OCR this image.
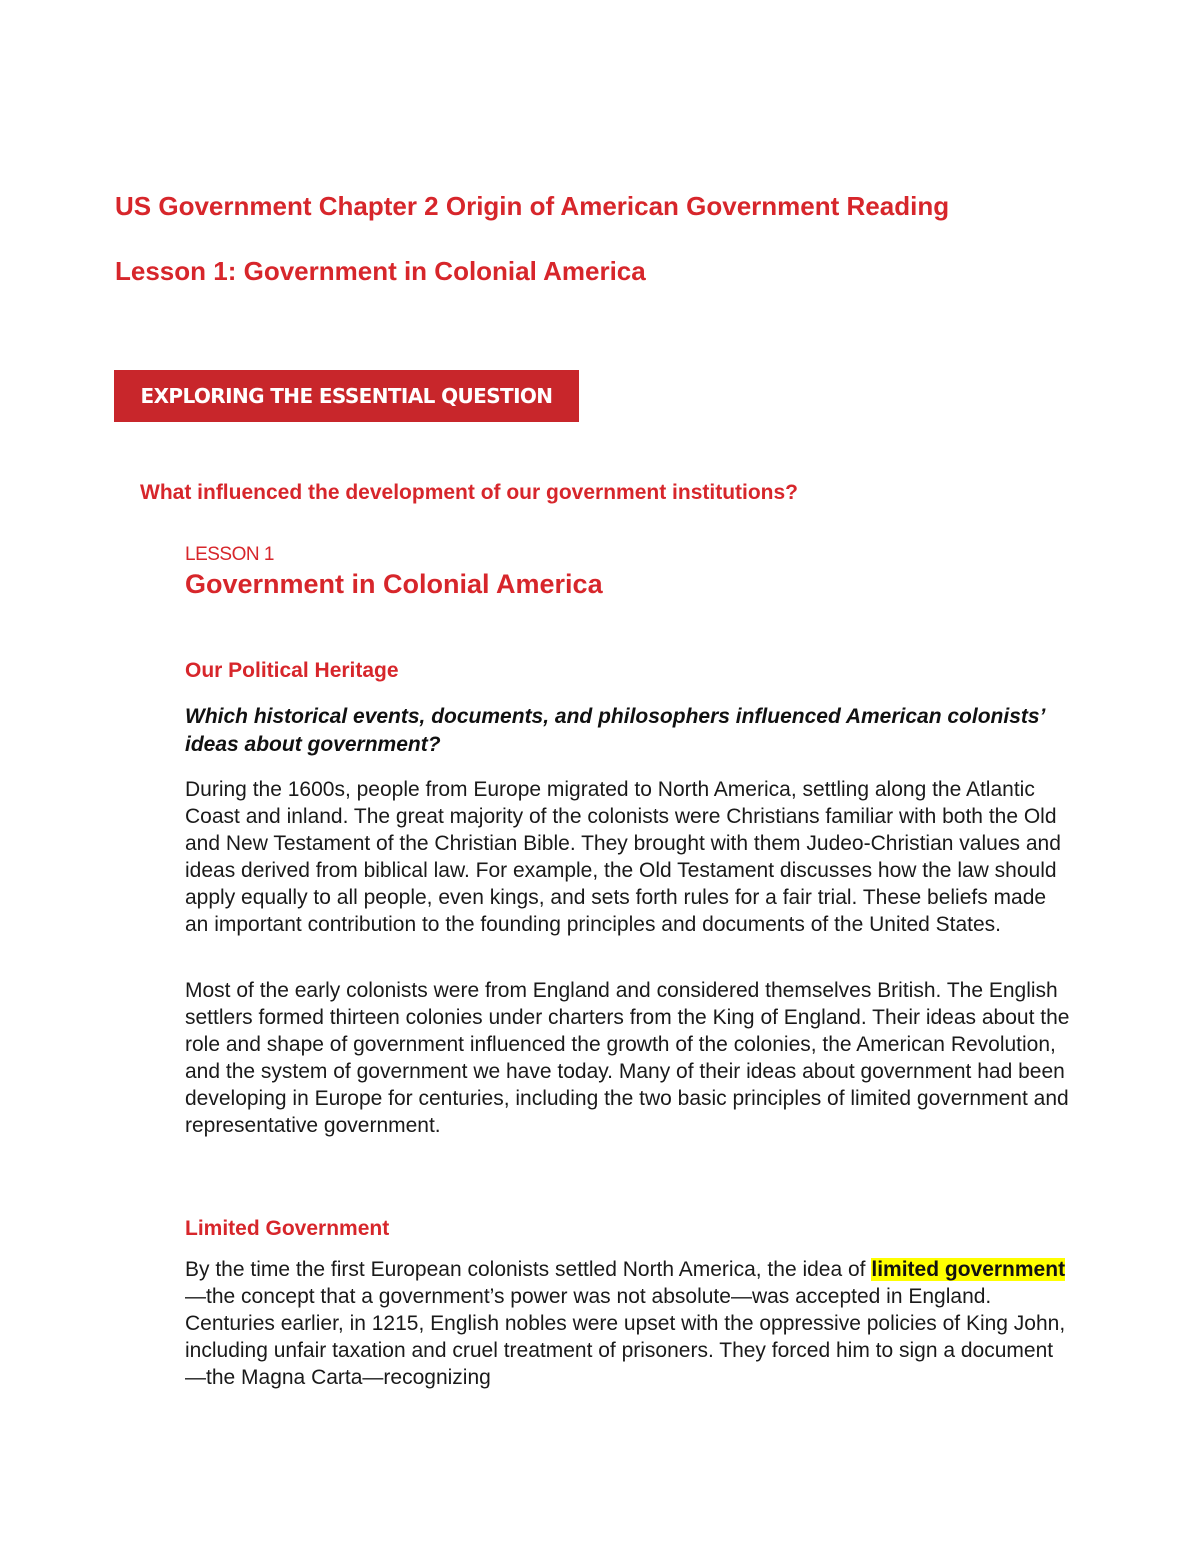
US Government Chapter 2 Origin of American Government Reading
Lesson 1: Government in Colonial America
EXPLORING THE ESSENTIAL QUESTION

What influenced the development of our government institutions?

LESSON 1
Government in Colonial America
Our Political Heritage

Which historical events, documents, and philosophers influenced American colonists’ ideas about government?

During the 1600s, people from Europe migrated to North America, settling along the Atlantic Coast and inland. The great majority of the colonists were Christians familiar with both the Old and New Testament of the Christian Bible. They brought with them Judeo-Christian values and ideas derived from biblical law. For example, the Old Testament discusses how the law should apply equally to all people, even kings, and sets forth rules for a fair trial. These beliefs made an important contribution to the founding principles and documents of the United States.

Most of the early colonists were from England and considered themselves British. The English settlers formed thirteen colonies under charters from the King of England. Their ideas about the role and shape of government influenced the growth of the colonies, the American Revolution, and the system of government we have today. Many of their ideas about government had been developing in Europe for centuries, including the two basic principles of limited government and representative government.

Limited Government

By the time the first European colonists settled North America, the idea of limited government—the concept that a government’s power was not absolute—was accepted in England. Centuries earlier, in 1215, English nobles were upset with the oppressive policies of King John, including unfair taxation and cruel treatment of prisoners. They forced him to sign a document—the Magna Carta—recognizing
